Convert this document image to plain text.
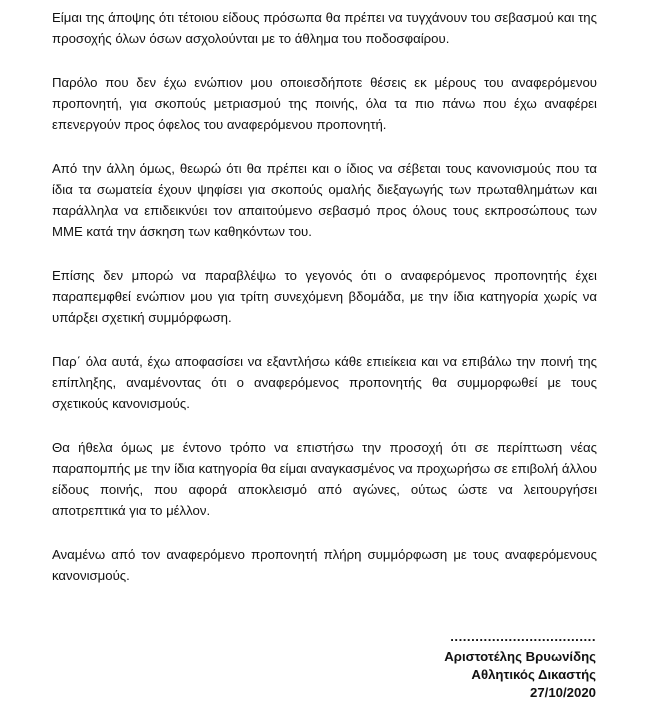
Είμαι της άποψης ότι τέτοιου είδους πρόσωπα θα πρέπει να τυγχάνουν του σεβασμού και της προσοχής όλων όσων ασχολούνται με το άθλημα του ποδοσφαίρου.

Παρόλο που δεν έχω ενώπιον μου οποιεσδήποτε θέσεις εκ μέρους του αναφερόμενου προπονητή, για σκοπούς μετριασμού της ποινής, όλα τα πιο πάνω που έχω αναφέρει επενεργούν προς όφελος του αναφερόμενου προπονητή.

Από την άλλη όμως, θεωρώ ότι θα πρέπει και ο ίδιος να σέβεται τους κανονισμούς που τα ίδια τα σωματεία έχουν ψηφίσει για σκοπούς ομαλής διεξαγωγής των πρωταθλημάτων και παράλληλα να επιδεικνύει τον απαιτούμενο σεβασμό προς όλους τους εκπροσώπους των ΜΜΕ κατά την άσκηση των καθηκόντων του.

Επίσης δεν μπορώ να παραβλέψω το γεγονός ότι ο αναφερόμενος προπονητής έχει παραπεμφθεί ενώπιον μου για τρίτη συνεχόμενη βδομάδα, με την ίδια κατηγορία χωρίς να υπάρξει σχετική συμμόρφωση.

Παρ΄ όλα αυτά, έχω αποφασίσει να εξαντλήσω κάθε επιείκεια και να επιβάλω την ποινή της επίπληξης, αναμένοντας ότι ο αναφερόμενος προπονητής θα συμμορφωθεί με τους σχετικούς κανονισμούς.

Θα ήθελα όμως με έντονο τρόπο να επιστήσω την προσοχή ότι σε περίπτωση νέας παραπομπής με την ίδια κατηγορία θα είμαι αναγκασμένος να προχωρήσω σε επιβολή άλλου είδους ποινής, που αφορά αποκλεισμό από αγώνες, ούτως ώστε να λειτουργήσει αποτρεπτικά για το μέλλον.

Αναμένω από τον αναφερόμενο προπονητή πλήρη συμμόρφωση με τους αναφερόμενους κανονισμούς.

...................................
Αριστοτέλης Βρυωνίδης
Αθλητικός Δικαστής
27/10/2020
